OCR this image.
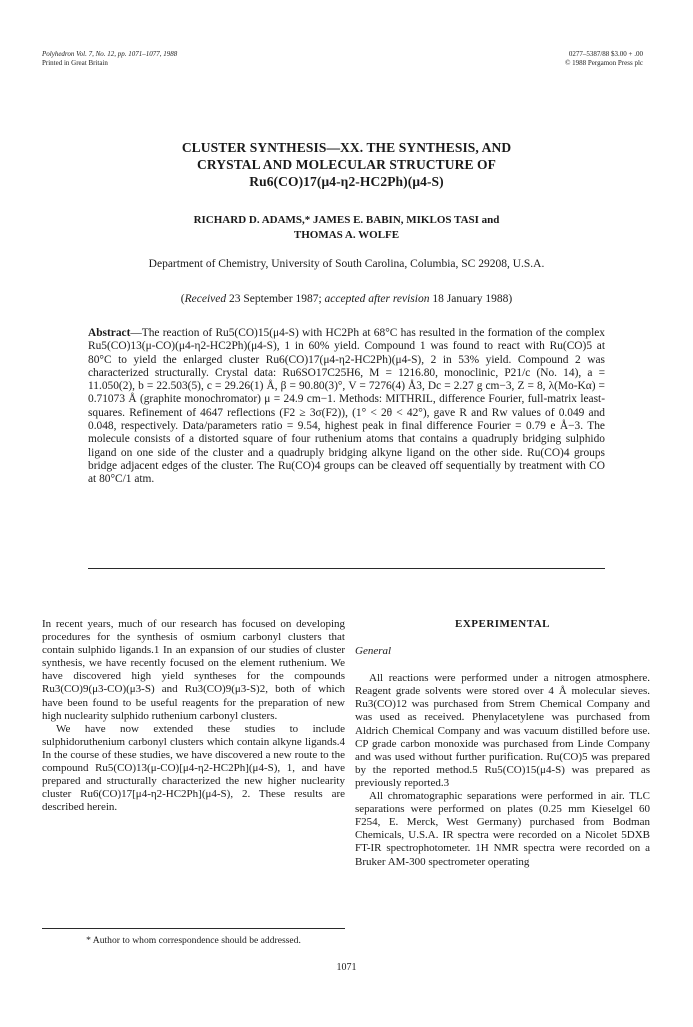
Polyhedron Vol. 7, No. 12, pp. 1071–1077, 1988
Printed in Great Britain
0277–5387/88 $3.00 + .00
© 1988 Pergamon Press plc
CLUSTER SYNTHESIS—XX. THE SYNTHESIS, AND
CRYSTAL AND MOLECULAR STRUCTURE OF
Ru6(CO)17(μ4-η2-HC2Ph)(μ4-S)
RICHARD D. ADAMS,* JAMES E. BABIN, MIKLOS TASI and
THOMAS A. WOLFE
Department of Chemistry, University of South Carolina, Columbia, SC 29208, U.S.A.
(Received 23 September 1987; accepted after revision 18 January 1988)
Abstract—The reaction of Ru5(CO)15(μ4-S) with HC2Ph at 68°C has resulted in the formation of the complex Ru5(CO)13(μ-CO)(μ4-η2-HC2Ph)(μ4-S), 1 in 60% yield. Compound 1 was found to react with Ru(CO)5 at 80°C to yield the enlarged cluster Ru6(CO)17(μ4-η2-HC2Ph)(μ4-S), 2 in 53% yield. Compound 2 was characterized structurally. Crystal data: Ru6SO17C25H6, M = 1216.80, monoclinic, P21/c (No. 14), a = 11.050(2), b = 22.503(5), c = 29.26(1) Å, β = 90.80(3)°, V = 7276(4) Å3, Dc = 2.27 g cm−3, Z = 8, λ(Mo-Kα) = 0.71073 Å (graphite monochromator) μ = 24.9 cm−1. Methods: MITHRIL, difference Fourier, full-matrix least-squares. Refinement of 4647 reflections (F2 ≥ 3σ(F2)), (1° < 2θ < 42°), gave R and Rw values of 0.049 and 0.048, respectively. Data/parameters ratio = 9.54, highest peak in final difference Fourier = 0.79 e Å−3. The molecule consists of a distorted square of four ruthenium atoms that contains a quadruply bridging sulphido ligand on one side of the cluster and a quadruply bridging alkyne ligand on the other side. Ru(CO)4 groups bridge adjacent edges of the cluster. The Ru(CO)4 groups can be cleaved off sequentially by treatment with CO at 80°C/1 atm.

In recent years, much of our research has focused on developing procedures for the synthesis of osmium carbonyl clusters that contain sulphido ligands.1 In an expansion of our studies of cluster synthesis, we have recently focused on the element ruthenium. We have discovered high yield syntheses for the compounds Ru3(CO)9(μ3-CO)(μ3-S) and Ru3(CO)9(μ3-S)2, both of which have been found to be useful reagents for the preparation of new high nuclearity sulphido ruthenium carbonyl clusters.

We have now extended these studies to include sulphidoruthenium carbonyl clusters which contain alkyne ligands.4 In the course of these studies, we have discovered a new route to the compound Ru5(CO)13(μ-CO)[μ4-η2-HC2Ph](μ4-S), 1, and have prepared and structurally characterized the new higher nuclearity cluster Ru6(CO)17[μ4-η2-HC2Ph](μ4-S), 2. These results are described herein.

EXPERIMENTAL
General

All reactions were performed under a nitrogen atmosphere. Reagent grade solvents were stored over 4 Å molecular sieves. Ru3(CO)12 was purchased from Strem Chemical Company and was used as received. Phenylacetylene was purchased from Aldrich Chemical Company and was vacuum distilled before use. CP grade carbon monoxide was purchased from Linde Company and was used without further purification. Ru(CO)5 was prepared by the reported method.5 Ru5(CO)15(μ4-S) was prepared as previously reported.3

All chromatographic separations were performed in air. TLC separations were performed on plates (0.25 mm Kieselgel 60 F254, E. Merck, West Germany) purchased from Bodman Chemicals, U.S.A. IR spectra were recorded on a Nicolet 5DXB FT-IR spectrophotometer. 1H NMR spectra were recorded on a Bruker AM-300 spectrometer operating

* Author to whom correspondence should be addressed.
1071
